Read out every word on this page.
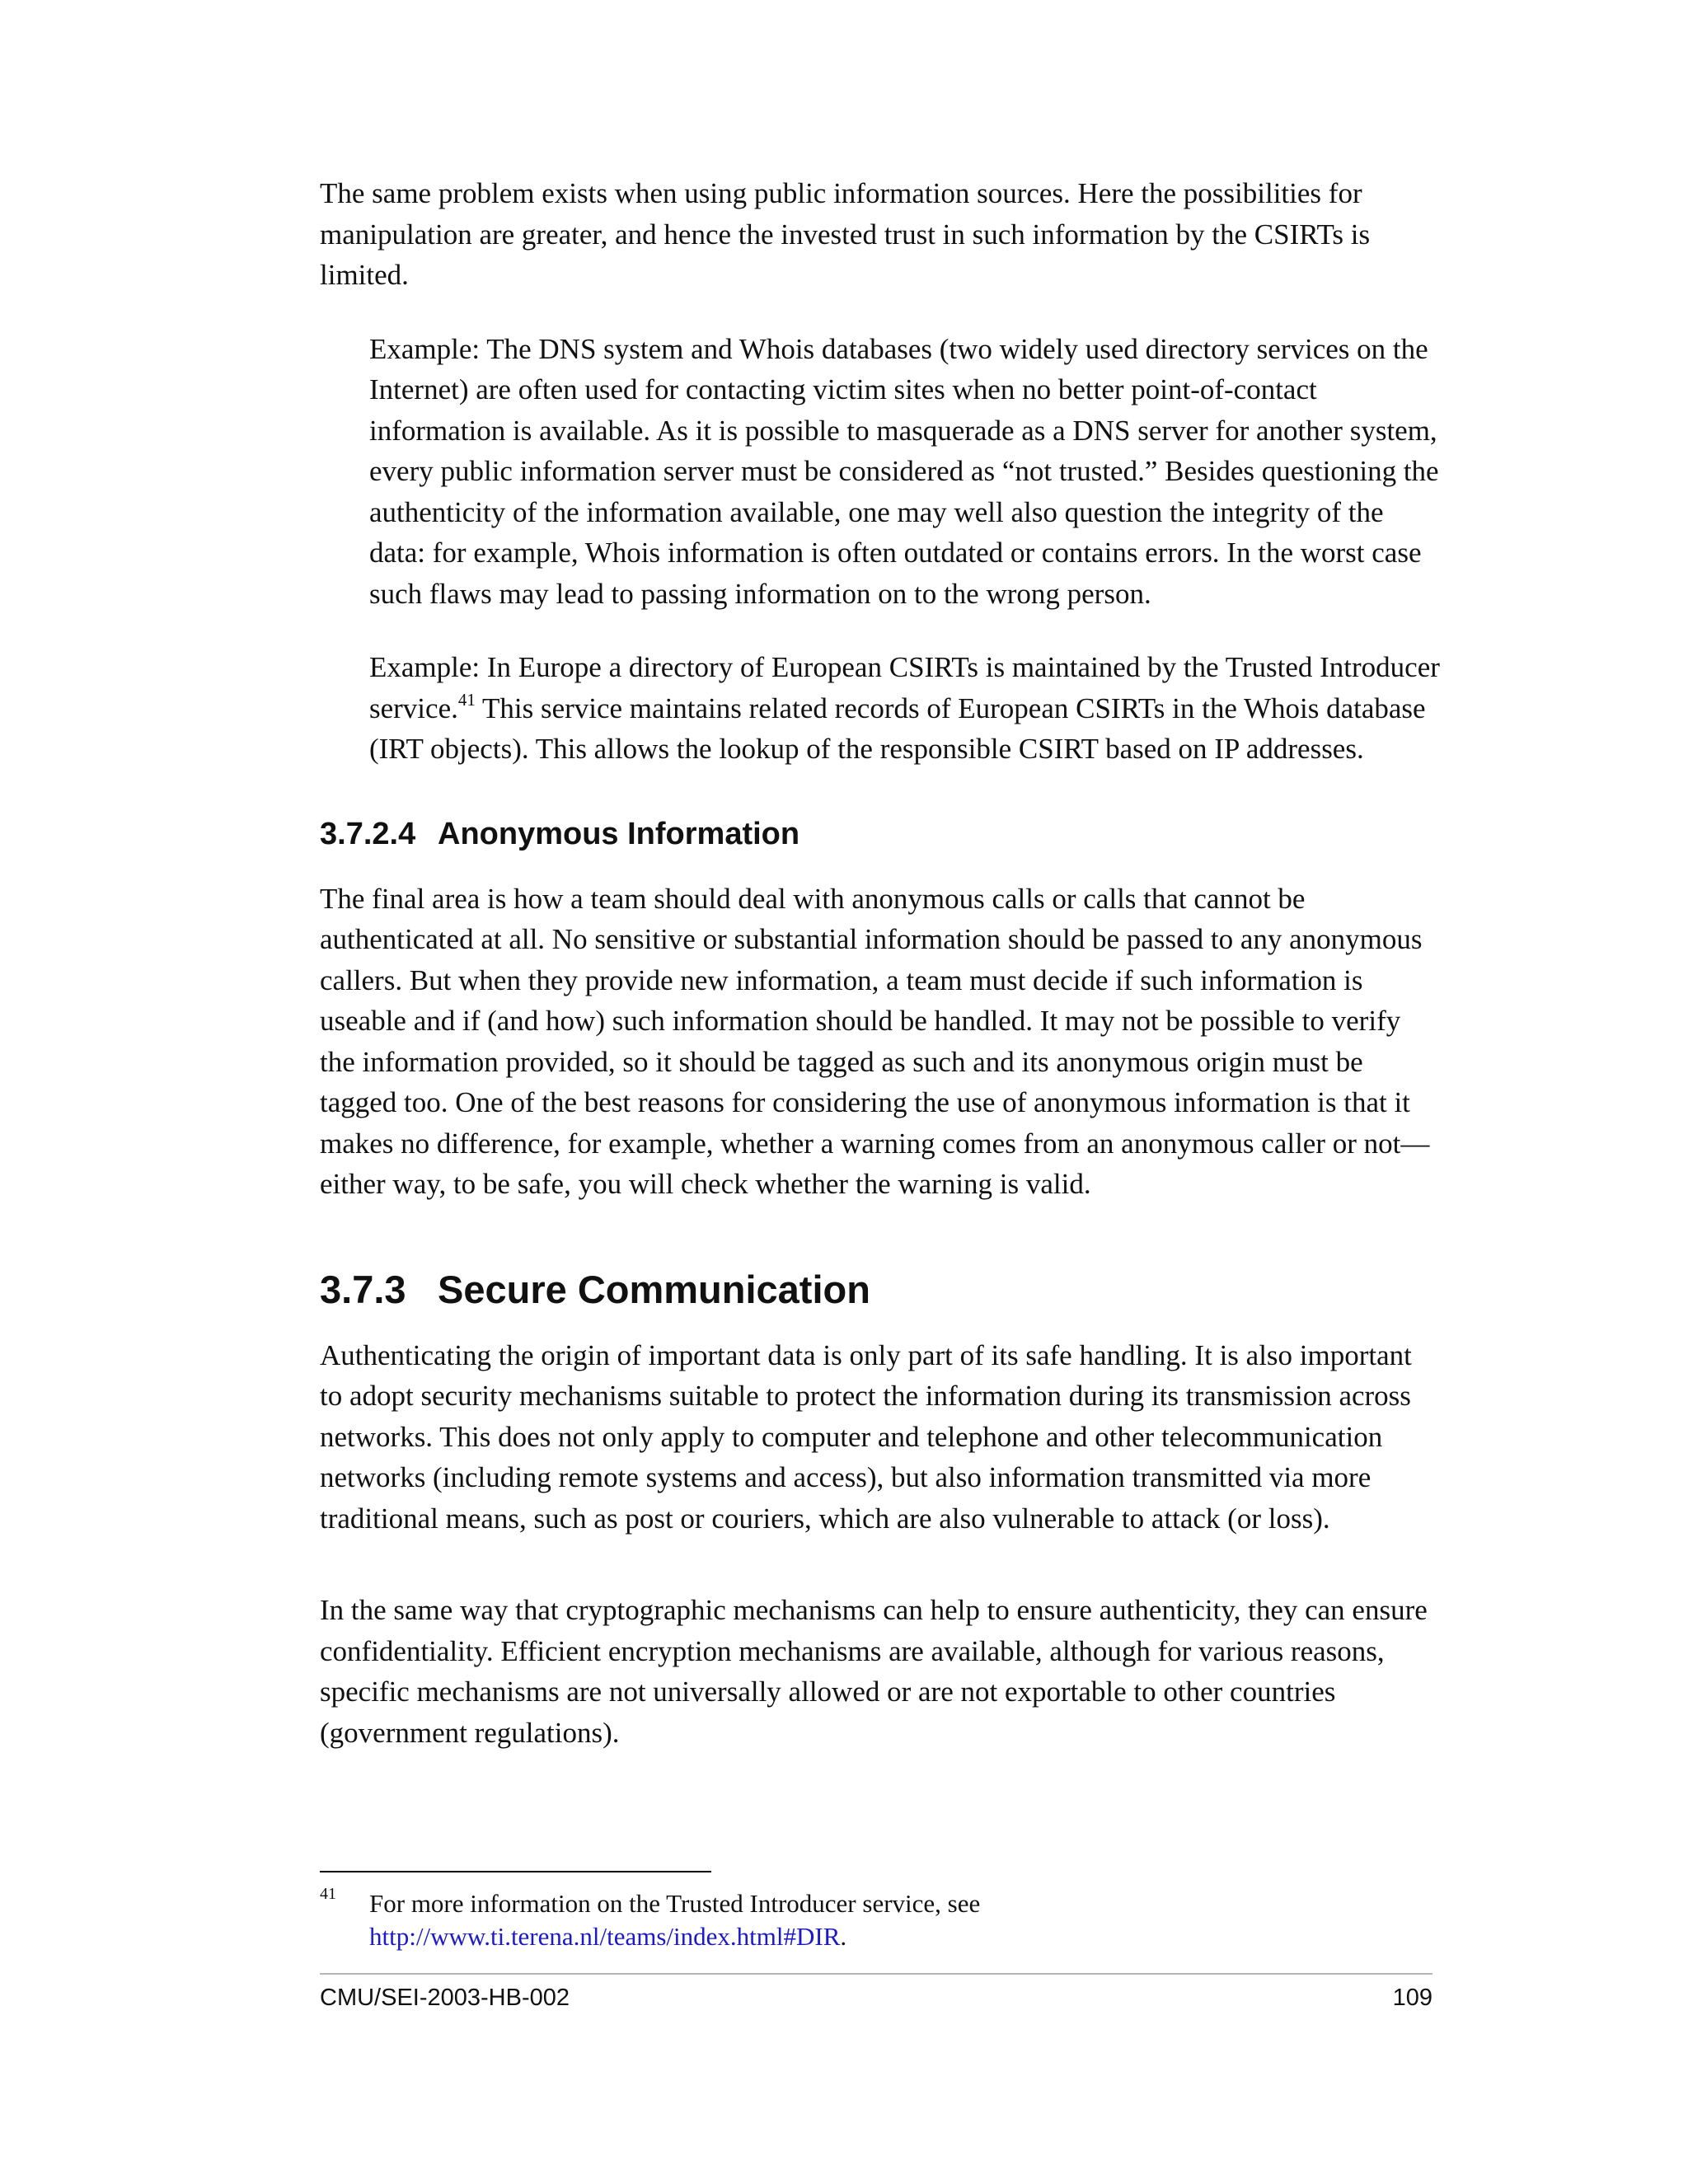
The same problem exists when using public information sources. Here the possibilities for manipulation are greater, and hence the invested trust in such information by the CSIRTs is limited.

Example: The DNS system and Whois databases (two widely used directory services on the Internet) are often used for contacting victim sites when no better point-of-contact information is available. As it is possible to masquerade as a DNS server for another system, every public information server must be considered as “not trusted.” Besides questioning the authenticity of the information available, one may well also question the integrity of the data: for example, Whois information is often outdated or contains errors. In the worst case such flaws may lead to passing information on to the wrong person.

Example: In Europe a directory of European CSIRTs is maintained by the Trusted Introducer service.$^{41}$ This service maintains related records of European CSIRTs in the Whois database (IRT objects). This allows the lookup of the responsible CSIRT based on IP addresses.

3.7.2.4 Anonymous Information

The final area is how a team should deal with anonymous calls or calls that cannot be authenticated at all. No sensitive or substantial information should be passed to any anonymous callers. But when they provide new information, a team must decide if such information is useable and if (and how) such information should be handled. It may not be possible to verify the information provided, so it should be tagged as such and its anonymous origin must be tagged too. One of the best reasons for considering the use of anonymous information is that it makes no difference, for example, whether a warning comes from an anonymous caller or not—either way, to be safe, you will check whether the warning is valid.

3.7.3 Secure Communication

Authenticating the origin of important data is only part of its safe handling. It is also important to adopt security mechanisms suitable to protect the information during its transmission across networks. This does not only apply to computer and telephone and other telecommunication networks (including remote systems and access), but also information transmitted via more traditional means, such as post or couriers, which are also vulnerable to attack (or loss).

In the same way that cryptographic mechanisms can help to ensure authenticity, they can ensure confidentiality. Efficient encryption mechanisms are available, although for various reasons, specific mechanisms are not universally allowed or are not exportable to other countries (government regulations).

41 For more information on the Trusted Introducer service, see
http://www.ti.terena.nl/teams/index.html#DIR.
CMU/SEI-2003-HB-002	109
